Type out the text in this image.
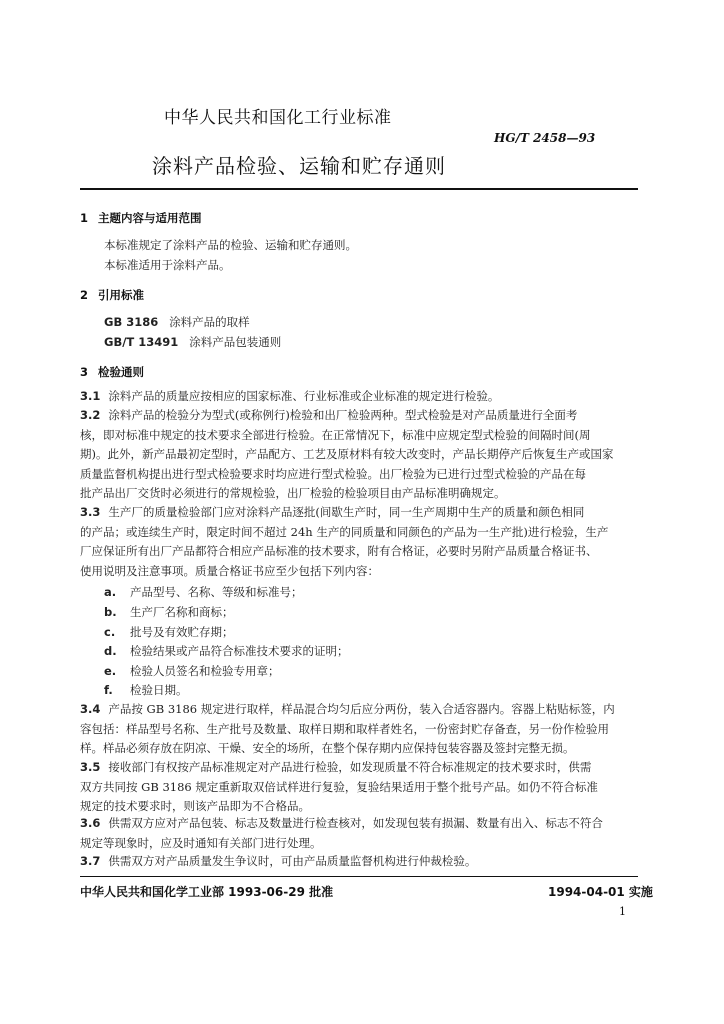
中华人民共和国化工行业标准
HG/T 2458—93
涂料产品检验、运输和贮存通则
1 主题内容与适用范围
本标准规定了涂料产品的检验、运输和贮存通则。
本标准适用于涂料产品。
2 引用标准
GB 3186 涂料产品的取样
GB/T 13491 涂料产品包装通则
3 检验通则
3.1 涂料产品的质量应按相应的国家标准、行业标准或企业标准的规定进行检验。
3.2 涂料产品的检验分为型式(或称例行)检验和出厂检验两种。型式检验是对产品质量进行全面考
核，即对标准中规定的技术要求全部进行检验。在正常情况下，标准中应规定型式检验的间隔时间(周
期)。此外，新产品最初定型时，产品配方、工艺及原材料有较大改变时，产品长期停产后恢复生产或国家
质量监督机构提出进行型式检验要求时均应进行型式检验。出厂检验为已进行过型式检验的产品在每
批产品出厂交货时必须进行的常规检验，出厂检验的检验项目由产品标准明确规定。
3.3 生产厂的质量检验部门应对涂料产品逐批(间歇生产时，同一生产周期中生产的质量和颜色相同
的产品；或连续生产时，限定时间不超过 24h 生产的同质量和同颜色的产品为一生产批)进行检验，生产
厂应保证所有出厂产品都符合相应产品标准的技术要求，附有合格证，必要时另附产品质量合格证书、
使用说明及注意事项。质量合格证书应至少包括下列内容：
a. 产品型号、名称、等级和标准号；
b. 生产厂名称和商标；
c. 批号及有效贮存期；
d. 检验结果或产品符合标准技术要求的证明；
e. 检验人员签名和检验专用章；
f. 检验日期。
3.4 产品按 GB 3186 规定进行取样，样品混合均匀后应分两份，装入合适容器内。容器上粘贴标签，内
容包括：样品型号名称、生产批号及数量、取样日期和取样者姓名，一份密封贮存备查，另一份作检验用
样。样品必须存放在阴凉、干燥、安全的场所，在整个保存期内应保持包装容器及签封完整无损。
3.5 接收部门有权按产品标准规定对产品进行检验，如发现质量不符合标准规定的技术要求时，供需
双方共同按 GB 3186 规定重新取双倍试样进行复验，复验结果适用于整个批号产品。如仍不符合标准
规定的技术要求时，则该产品即为不合格品。
3.6 供需双方应对产品包装、标志及数量进行检查核对，如发现包装有损漏、数量有出入、标志不符合
规定等现象时，应及时通知有关部门进行处理。
3.7 供需双方对产品质量发生争议时，可由产品质量监督机构进行仲裁检验。
中华人民共和国化学工业部 1993-06-29 批准	1994-04-01 实施
1
